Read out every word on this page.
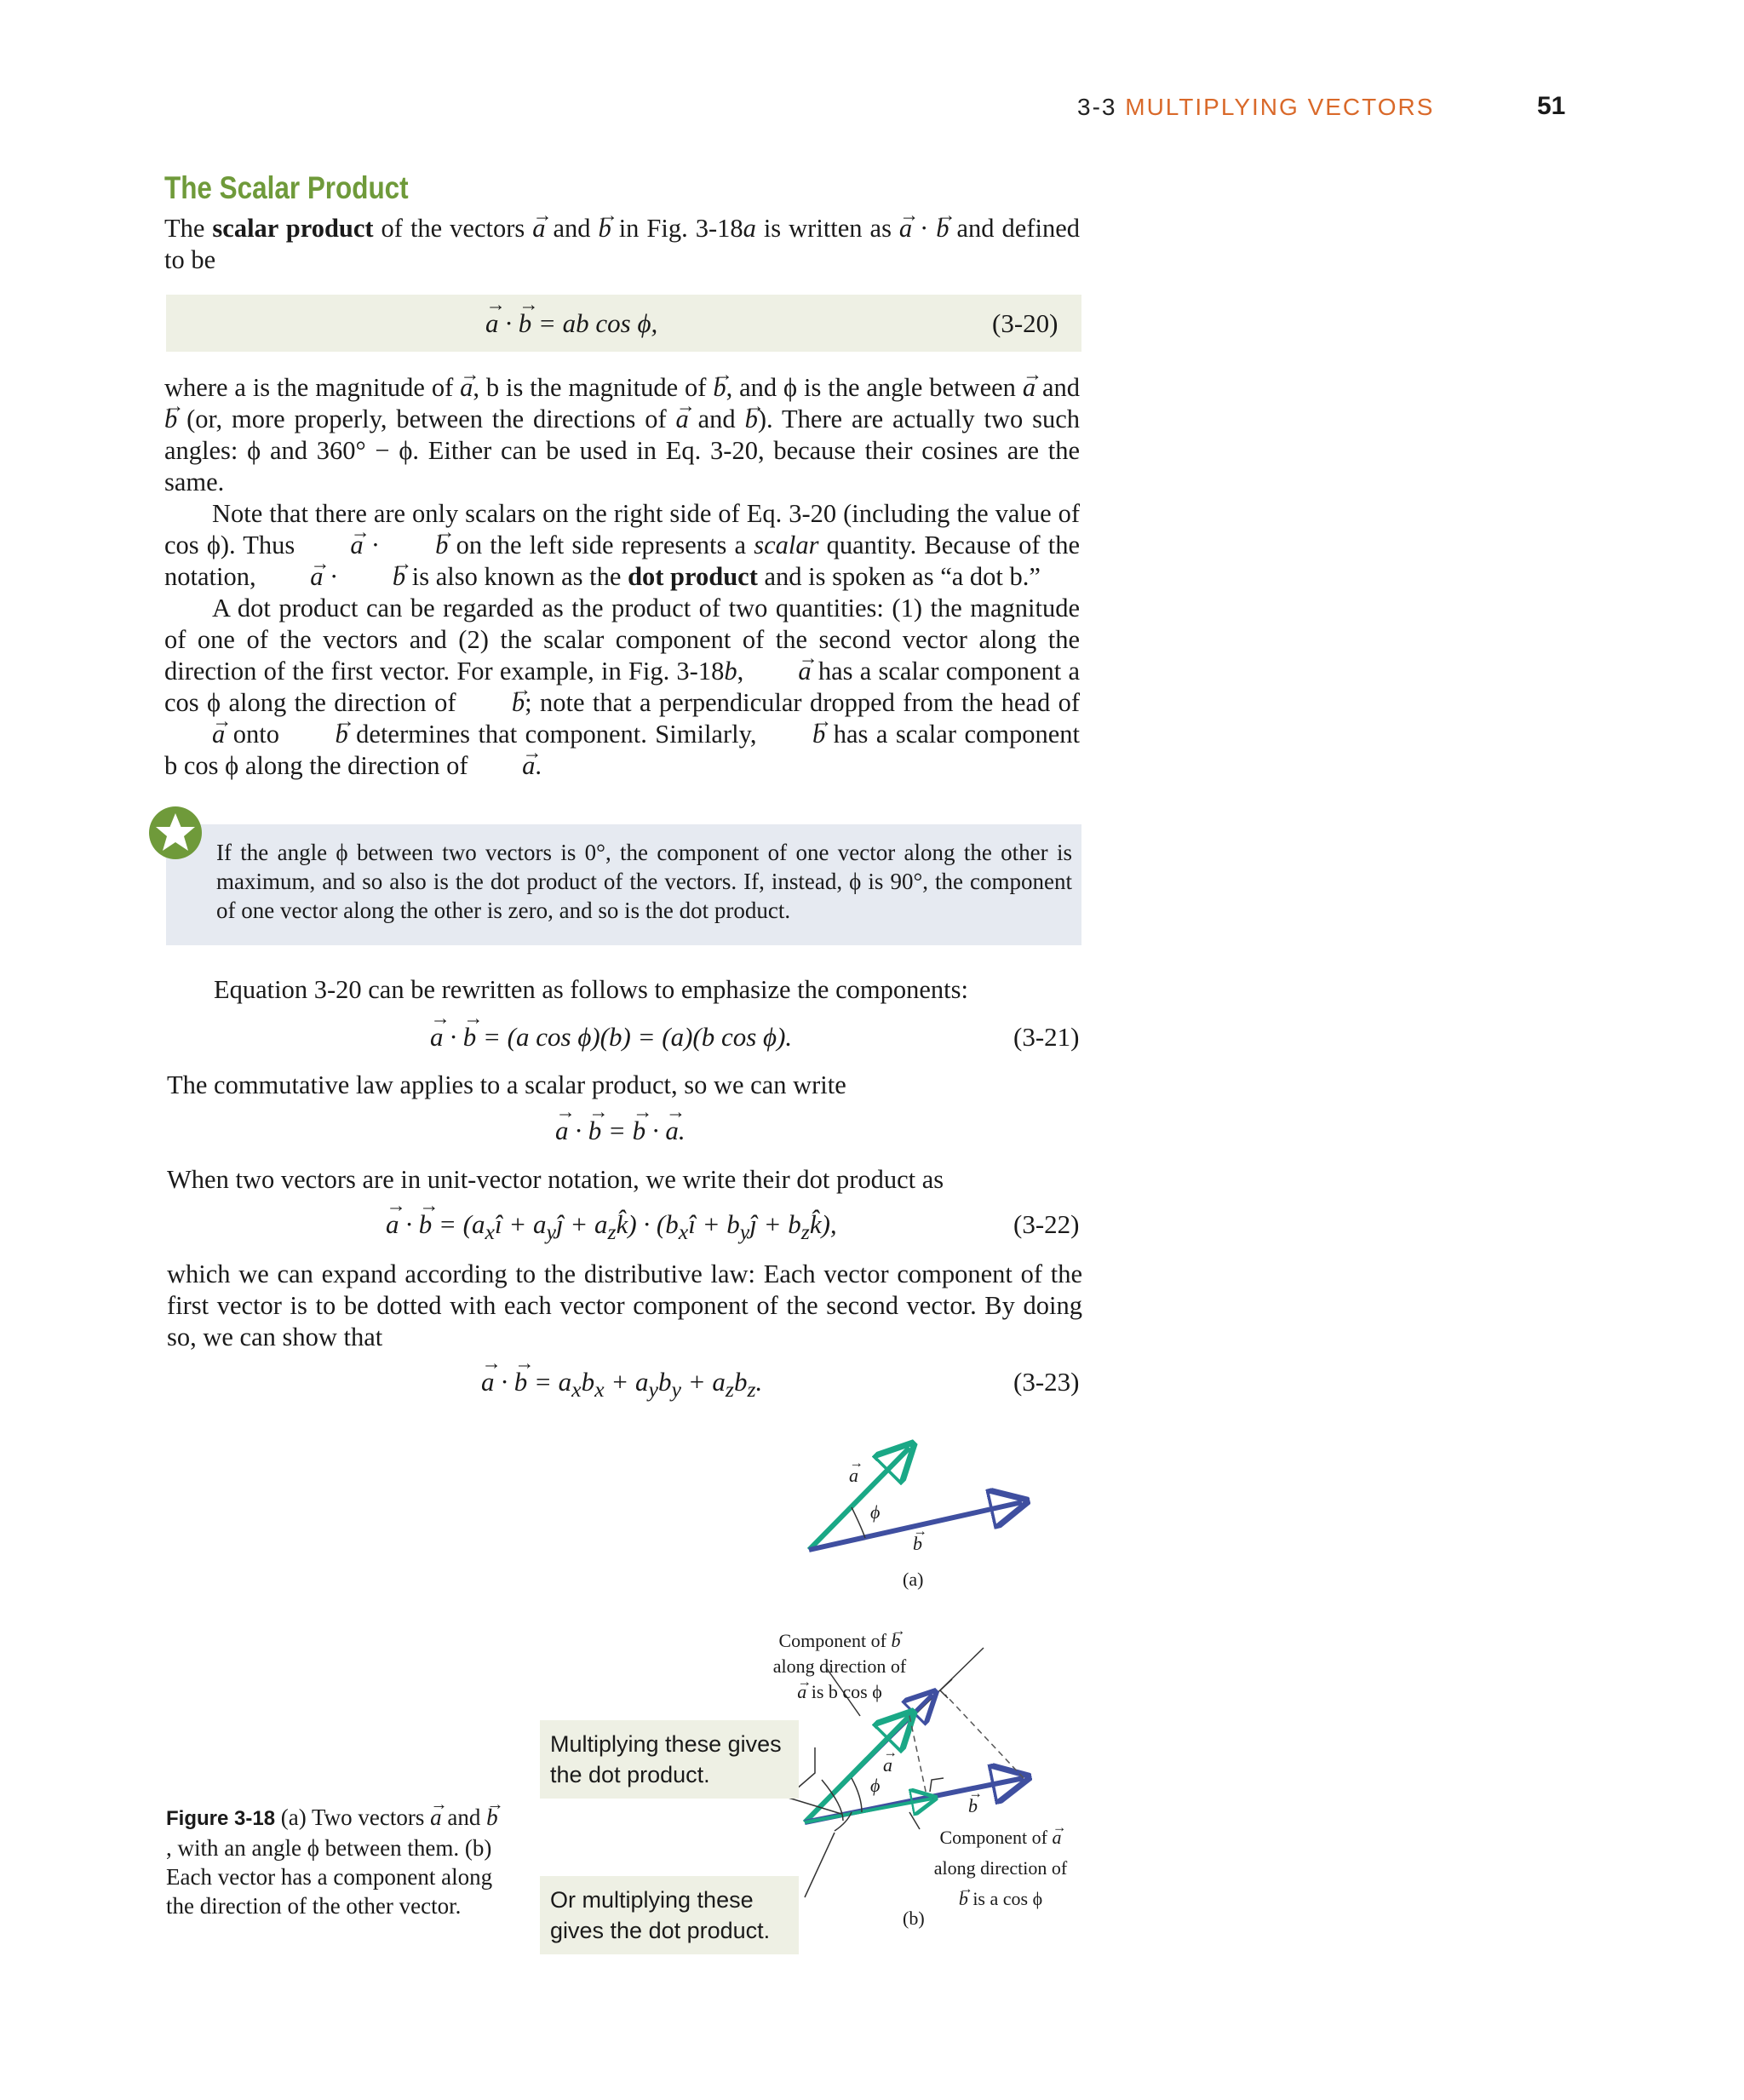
3-3 MULTIPLYING VECTORS	51
The Scalar Product

The scalar product of the vectors → a and → b in Fig. 3-18a is written as → a · → b and defined to be

→ a · → b = ab cos ϕ,	(3-20)

where a is the magnitude of → a, b is the magnitude of → b, and ϕ is the angle between → a and → b (or, more properly, between the directions of → a and → b). There are actually two such angles: ϕ and 360° − ϕ. Either can be used in Eq. 3-20, because their cosines are the same.

Note that there are only scalars on the right side of Eq. 3-20 (including the value of cos ϕ). Thus → a · → b on the left side represents a scalar quantity. Because of the notation, → a · → b is also known as the dot product and is spoken as “a dot b.”

A dot product can be regarded as the product of two quantities: (1) the magnitude of one of the vectors and (2) the scalar component of the second vector along the direction of the first vector. For example, in Fig. 3-18b, → a has a scalar component a cos ϕ along the direction of → b; note that a perpendicular dropped from the head of → a onto → b determines that component. Similarly, → b has a scalar component b cos ϕ along the direction of → a.

If the angle ϕ between two vectors is 0°, the component of one vector along the other is maximum, and so also is the dot product of the vectors. If, instead, ϕ is 90°, the component of one vector along the other is zero, and so is the dot product.
Equation 3-20 can be rewritten as follows to emphasize the components:
→ a · → b = (a cos ϕ)(b) = (a)(b cos ϕ).	(3-21)
The commutative law applies to a scalar product, so we can write
→ a · → b = → b · → a.
When two vectors are in unit-vector notation, we write their dot product as
→ a · → $b = (a_xî$ + $a_yĵ$ + $a_zk̂$) · ($b_xî$ + $b_yĵ$ + $b_zk̂$),	(3-22)
which we can expand according to the distributive law: Each vector component of the first vector is to be dotted with each vector component of the second vector. By doing so, we can show that
→ a · → $b = a_xb_x + a_yb_y + a_zb_z$.	(3-23)
→ a
ϕ
→ b
(a)
Component of → b
along direction of
→ a is b cos ϕ
→ a
ϕ
→ b
Component of → a
along direction of
→ b is a cos ϕ
(b)
Multiplying these gives the dot product.
Or multiplying these gives the dot product.
Figure 3-18 (a) Two vectors → a and → b, with an angle ϕ between them. (b) Each vector has a component along the direction of the other vector.
